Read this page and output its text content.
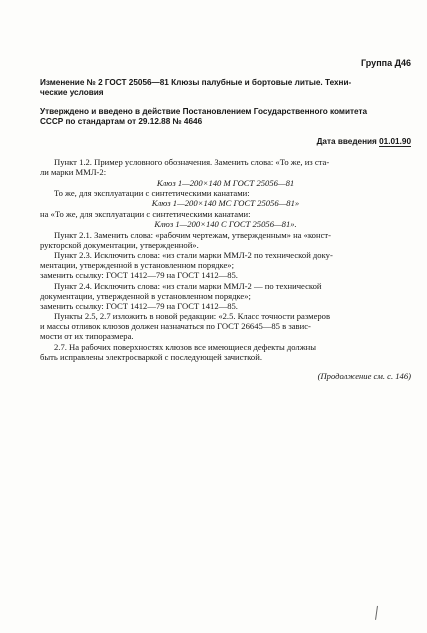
Группа Д46

Изменение № 2 ГОСТ 25056—81 Клюзы палубные и бортовые литые. Техни-

ческие условия

Утверждено и введено в действие Постановлением Государственного комитета

СССР по стандартам от 29.12.88 № 4646

Дата введения 01.01.90

Пункт 1.2. Пример условного обозначения. Заменить слова: «То же, из ста-

ли марки ММЛ-2:

Клюз 1—200×140 М ГОСТ 25056—81

То же, для эксплуатации с синтетическими канатами:

Клюз 1—200×140 МС ГОСТ 25056—81»

на «То же, для эксплуатации с синтетическими канатами:

Клюз 1—200×140 С ГОСТ 25056—81».

Пункт 2.1. Заменить слова: «рабочим чертежам, утвержденным» на «конст-

рукторской документации, утвержденной».

Пункт 2.3. Исключить слова: «из стали марки ММЛ-2 по технической доку-

ментации, утвержденной в установленном порядке»;

заменить ссылку: ГОСТ 1412—79 на ГОСТ 1412—85.

Пункт 2.4. Исключить слова: «из стали марки ММЛ-2 — по технической

документации, утвержденной в установленном порядке»;

заменить ссылку: ГОСТ 1412—79 на ГОСТ 1412—85.

Пункты 2.5, 2.7 изложить в новой редакции: «2.5. Класс точности размеров

и массы отливок клюзов должен назначаться по ГОСТ 26645—85 в завис-

мости от их типоразмера.

2.7. На рабочих поверхностях клюзов все имеющиеся дефекты должны

быть исправлены электросваркой с последующей зачисткой.

(Продолжение см. с. 146)
